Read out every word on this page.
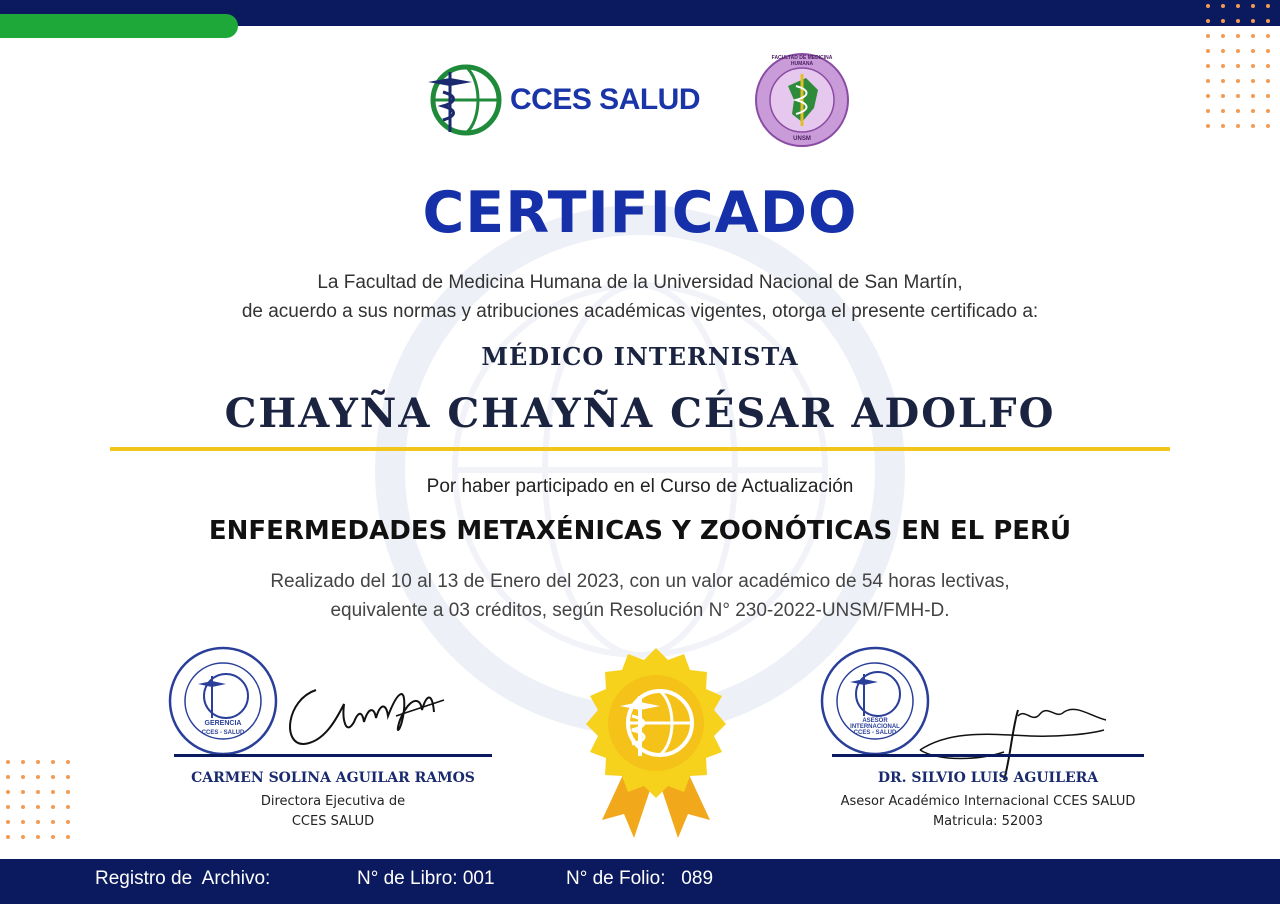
CCES SALUD
FACULTAD DE MEDICINA HUMANA
UNSM
CERTIFICADO
La Facultad de Medicina Humana de la Universidad Nacional de San Martín,
de acuerdo a sus normas y atribuciones académicas vigentes, otorga el presente certificado a:
MÉDICO INTERNISTA
CHAYÑA CHAYÑA CÉSAR ADOLFO
Por haber participado en el Curso de Actualización
ENFERMEDADES METAXÉNICAS Y ZOONÓTICAS EN EL PERÚ
Realizado del 10 al 13 de Enero del 2023, con un valor académico de 54 horas lectivas,
equivalente a 03 créditos, según Resolución N° 230-2022-UNSM/FMH-D.
GERENCIA
CCES - SALUD
CARMEN SOLINA AGUILAR RAMOS
Directora Ejecutiva de
CCES SALUD
ASESOR INTERNACIONAL
CCES - SALUD
DR. SILVIO LUIS AGUILERA
Asesor Académico Internacional CCES SALUD
Matricula: 52003
Registro de  Archivo:	N° de Libro: 001	N° de Folio:   089
